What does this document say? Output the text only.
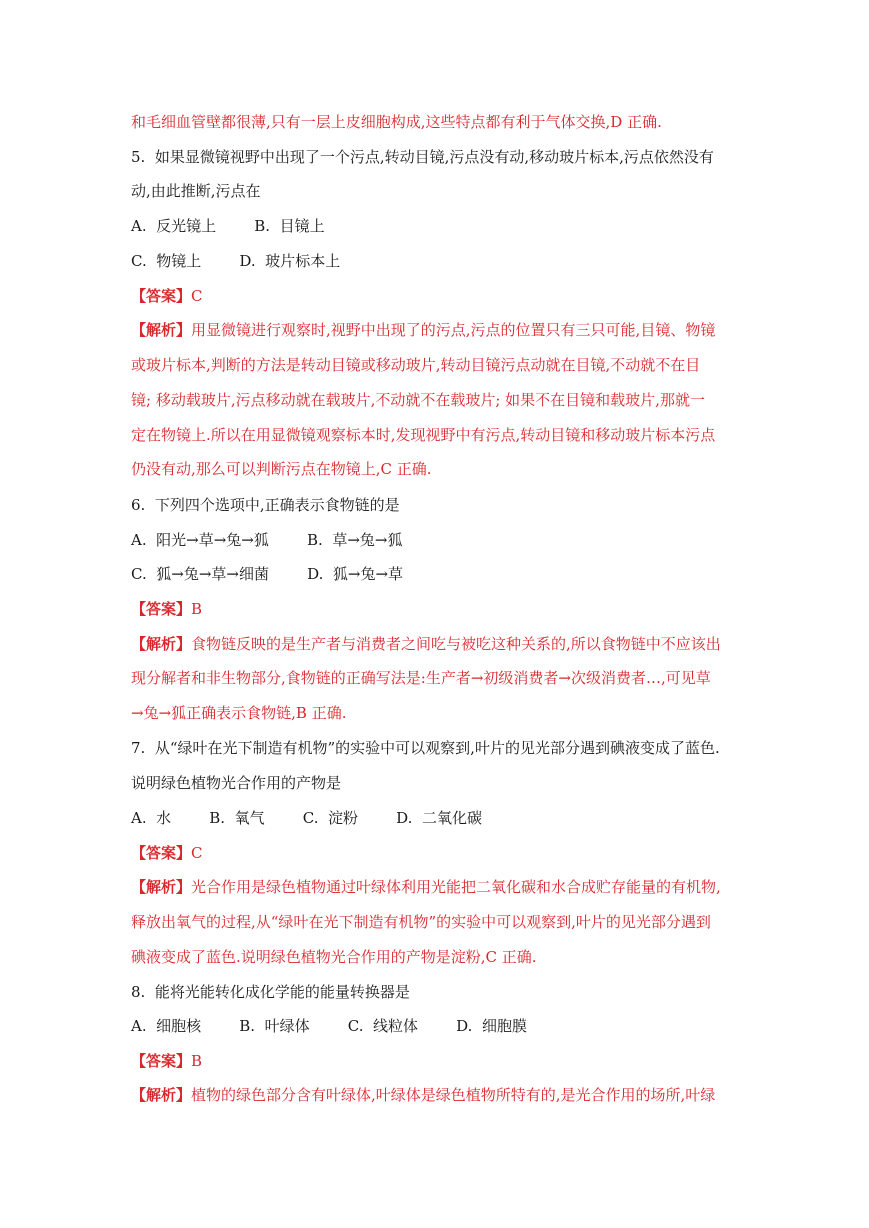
和毛细血管壁都很薄,只有一层上皮细胞构成,这些特点都有利于气体交换,D 正确.
5.  如果显微镜视野中出现了一个污点,转动目镜,污点没有动,移动玻片标本,污点依然没有
动,由此推断,污点在
A.  反光镜上        B.  目镜上
C.  物镜上        D.  玻片标本上
【答案】C
【解析】用显微镜进行观察时,视野中出现了的污点,污点的位置只有三只可能,目镜、物镜
或玻片标本,判断的方法是转动目镜或移动玻片,转动目镜污点动就在目镜,不动就不在目
镜; 移动载玻片,污点移动就在载玻片,不动就不在载玻片; 如果不在目镜和载玻片,那就一
定在物镜上.所以在用显微镜观察标本时,发现视野中有污点,转动目镜和移动玻片标本污点
仍没有动,那么可以判断污点在物镜上,C 正确.
6.  下列四个选项中,正确表示食物链的是
A.  阳光→草→兔→狐        B.  草→兔→狐
C.  狐→兔→草→细菌        D.  狐→兔→草
【答案】B
【解析】食物链反映的是生产者与消费者之间吃与被吃这种关系的,所以食物链中不应该出
现分解者和非生物部分,食物链的正确写法是:生产者→初级消费者→次级消费者…,可见草
→兔→狐正确表示食物链,B 正确.
7.  从“绿叶在光下制造有机物”的实验中可以观察到,叶片的见光部分遇到碘液变成了蓝色.
说明绿色植物光合作用的产物是
A.  水        B.  氧气        C.  淀粉        D.  二氧化碳
【答案】C
【解析】光合作用是绿色植物通过叶绿体利用光能把二氧化碳和水合成贮存能量的有机物,
释放出氧气的过程,从“绿叶在光下制造有机物”的实验中可以观察到,叶片的见光部分遇到
碘液变成了蓝色.说明绿色植物光合作用的产物是淀粉,C 正确.
8.  能将光能转化成化学能的能量转换器是
A.  细胞核        B.  叶绿体        C.  线粒体        D.  细胞膜
【答案】B
【解析】植物的绿色部分含有叶绿体,叶绿体是绿色植物所特有的,是光合作用的场所,叶绿
